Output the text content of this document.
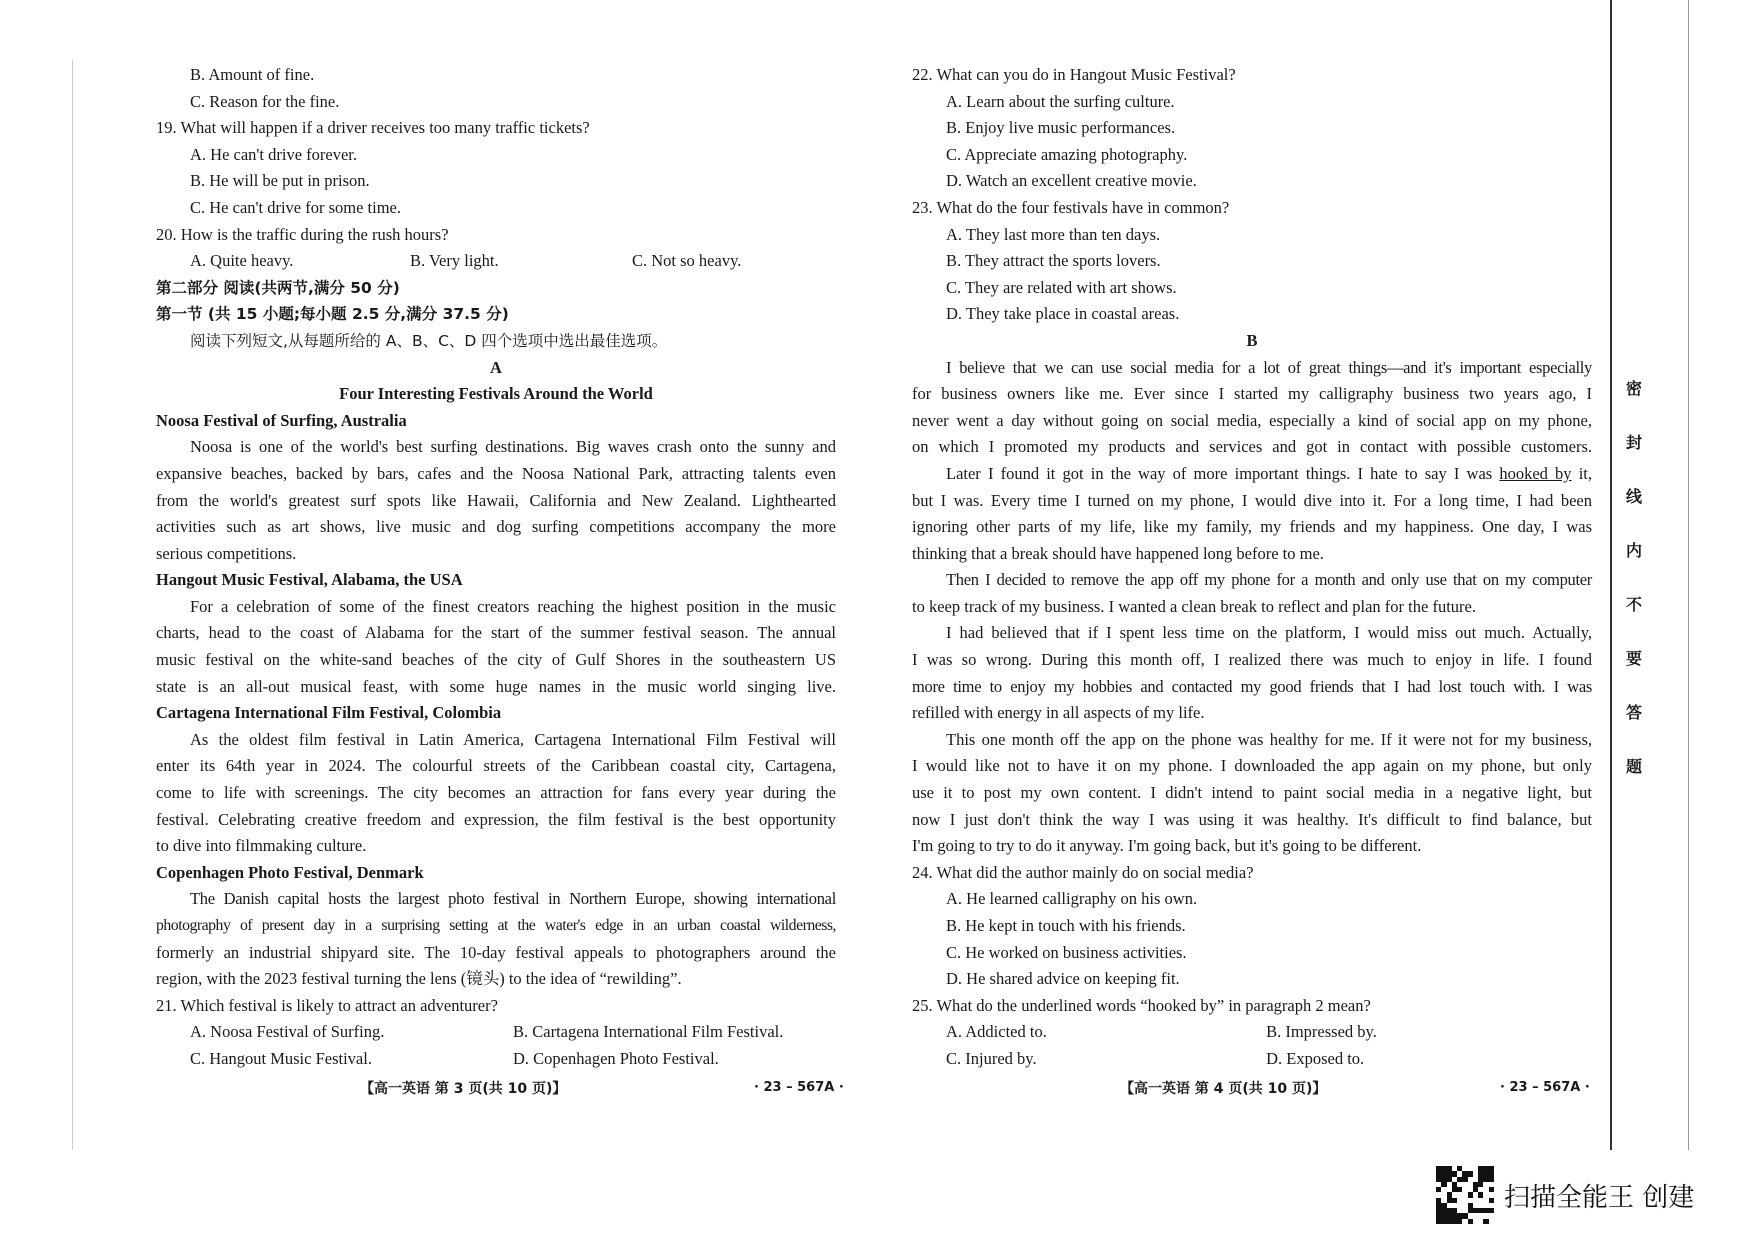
B. Amount of fine.
C. Reason for the fine.
19. What will happen if a driver receives too many traffic tickets?
A. He can't drive forever.
B. He will be put in prison.
C. He can't drive for some time.
20. How is the traffic during the rush hours?
A. Quite heavy.	B. Very light.	C. Not so heavy.
第二部分 阅读(共两节,满分 50 分)
第一节 (共 15 小题;每小题 2.5 分,满分 37.5 分)
阅读下列短文,从每题所给的 A、B、C、D 四个选项中选出最佳选项。
A
Four Interesting Festivals Around the World
Noosa Festival of Surfing, Australia
Noosa is one of the world's best surfing destinations. Big waves crash onto the sunny and
expansive beaches, backed by bars, cafes and the Noosa National Park, attracting talents even
from the world's greatest surf spots like Hawaii, California and New Zealand. Lighthearted
activities such as art shows, live music and dog surfing competitions accompany the more
serious competitions.
Hangout Music Festival, Alabama, the USA
For a celebration of some of the finest creators reaching the highest position in the music
charts, head to the coast of Alabama for the start of the summer festival season. The annual
music festival on the white-sand beaches of the city of Gulf Shores in the southeastern US
state is an all-out musical feast, with some huge names in the music world singing live.
Cartagena International Film Festival, Colombia
As the oldest film festival in Latin America, Cartagena International Film Festival will
enter its 64th year in 2024. The colourful streets of the Caribbean coastal city, Cartagena,
come to life with screenings. The city becomes an attraction for fans every year during the
festival. Celebrating creative freedom and expression, the film festival is the best opportunity
to dive into filmmaking culture.
Copenhagen Photo Festival, Denmark
The Danish capital hosts the largest photo festival in Northern Europe, showing international
photography of present day in a surprising setting at the water's edge in an urban coastal wilderness,
formerly an industrial shipyard site. The 10-day festival appeals to photographers around the
region, with the 2023 festival turning the lens (镜头) to the idea of “rewilding”.
21. Which festival is likely to attract an adventurer?
A. Noosa Festival of Surfing.	B. Cartagena International Film Festival.
C. Hangout Music Festival.	D. Copenhagen Photo Festival.
【高一英语 第 3 页(共 10 页)】	· 23 – 567A ·
22. What can you do in Hangout Music Festival?
A. Learn about the surfing culture.
B. Enjoy live music performances.
C. Appreciate amazing photography.
D. Watch an excellent creative movie.
23. What do the four festivals have in common?
A. They last more than ten days.
B. They attract the sports lovers.
C. They are related with art shows.
D. They take place in coastal areas.
B
I believe that we can use social media for a lot of great things—and it's important especially
for business owners like me. Ever since I started my calligraphy business two years ago, I
never went a day without going on social media, especially a kind of social app on my phone,
on which I promoted my products and services and got in contact with possible customers.
Later I found it got in the way of more important things. I hate to say I was hooked by it,
but I was. Every time I turned on my phone, I would dive into it. For a long time, I had been
ignoring other parts of my life, like my family, my friends and my happiness. One day, I was
thinking that a break should have happened long before to me.
Then I decided to remove the app off my phone for a month and only use that on my computer
to keep track of my business. I wanted a clean break to reflect and plan for the future.
I had believed that if I spent less time on the platform, I would miss out much. Actually,
I was so wrong. During this month off, I realized there was much to enjoy in life. I found
more time to enjoy my hobbies and contacted my good friends that I had lost touch with. I was
refilled with energy in all aspects of my life.
This one month off the app on the phone was healthy for me. If it were not for my business,
I would like not to have it on my phone. I downloaded the app again on my phone, but only
use it to post my own content. I didn't intend to paint social media in a negative light, but
now I just don't think the way I was using it was healthy. It's difficult to find balance, but
I'm going to try to do it anyway. I'm going back, but it's going to be different.
24. What did the author mainly do on social media?
A. He learned calligraphy on his own.
B. He kept in touch with his friends.
C. He worked on business activities.
D. He shared advice on keeping fit.
25. What do the underlined words “hooked by” in paragraph 2 mean?
A. Addicted to.	B. Impressed by.
C. Injured by.	D. Exposed to.
【高一英语 第 4 页(共 10 页)】	· 23 – 567A ·
密
封
线
内
不
要
答
题
扫描全能王 创建
